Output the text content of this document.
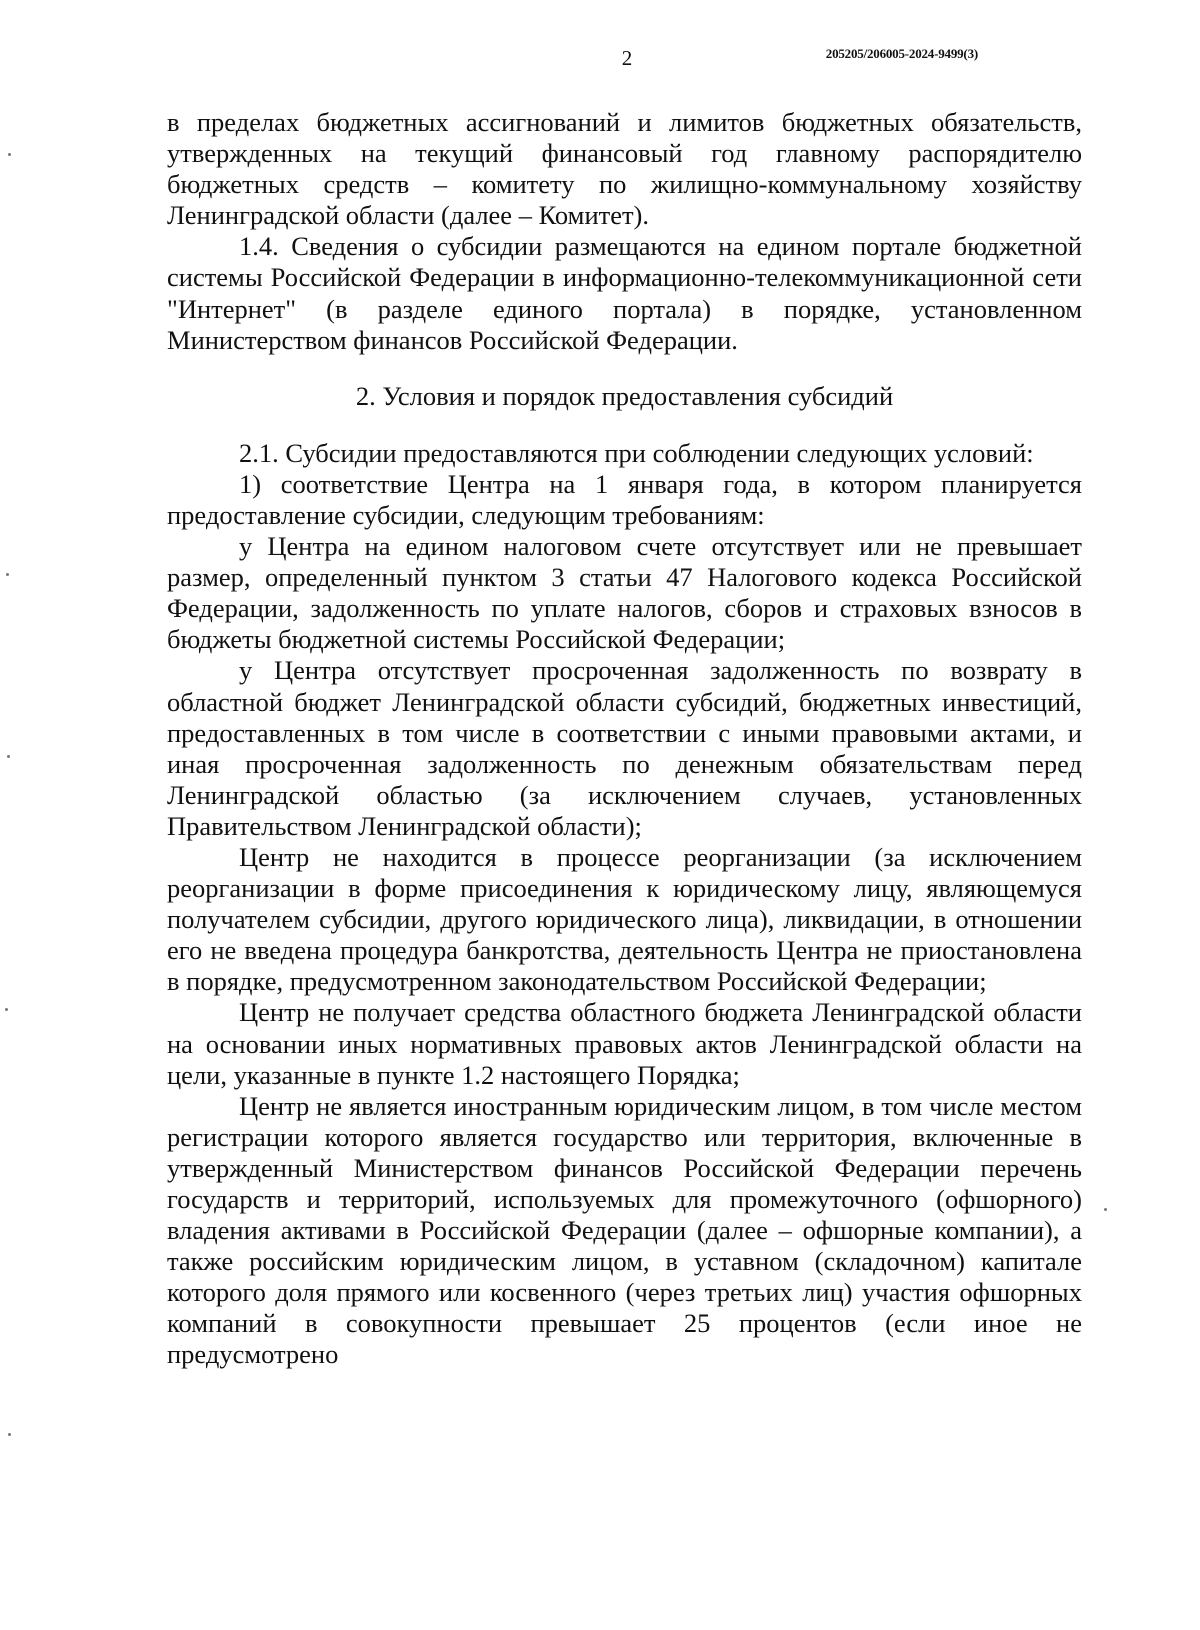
2	205205/206005-2024-9499(3)

в пределах бюджетных ассигнований и лимитов бюджетных обязательств, утвержденных на текущий финансовый год главному распорядителю бюджетных средств – комитету по жилищно-коммунальному хозяйству Ленинградской области (далее – Комитет).

1.4. Сведения о субсидии размещаются на едином портале бюджетной системы Российской Федерации в информационно-телекоммуникационной сети "Интернет" (в разделе единого портала) в порядке, установленном Министерством финансов Российской Федерации.

2. Условия и порядок предоставления субсидий

2.1. Субсидии предоставляются при соблюдении следующих условий:

1) соответствие Центра на 1 января года, в котором планируется предоставление субсидии, следующим требованиям:

у Центра на едином налоговом счете отсутствует или не превышает размер, определенный пунктом 3 статьи 47 Налогового кодекса Российской Федерации, задолженность по уплате налогов, сборов и страховых взносов в бюджеты бюджетной системы Российской Федерации;

у Центра отсутствует просроченная задолженность по возврату в областной бюджет Ленинградской области субсидий, бюджетных инвестиций, предоставленных в том числе в соответствии с иными правовыми актами, и иная просроченная задолженность по денежным обязательствам перед Ленинградской областью (за исключением случаев, установленных Правительством Ленинградской области);

Центр не находится в процессе реорганизации (за исключением реорганизации в форме присоединения к юридическому лицу, являющемуся получателем субсидии, другого юридического лица), ликвидации, в отношении его не введена процедура банкротства, деятельность Центра не приостановлена в порядке, предусмотренном законодательством Российской Федерации;

Центр не получает средства областного бюджета Ленинградской области на основании иных нормативных правовых актов Ленинградской области на цели, указанные в пункте 1.2 настоящего Порядка;

Центр не является иностранным юридическим лицом, в том числе местом регистрации которого является государство или территория, включенные в утвержденный Министерством финансов Российской Федерации перечень государств и территорий, используемых для промежуточного (офшорного) владения активами в Российской Федерации (далее – офшорные компании), а также российским юридическим лицом, в уставном (складочном) капитале которого доля прямого или косвенного (через третьих лиц) участия офшорных компаний в совокупности превышает 25 процентов (если иное не предусмотрено
